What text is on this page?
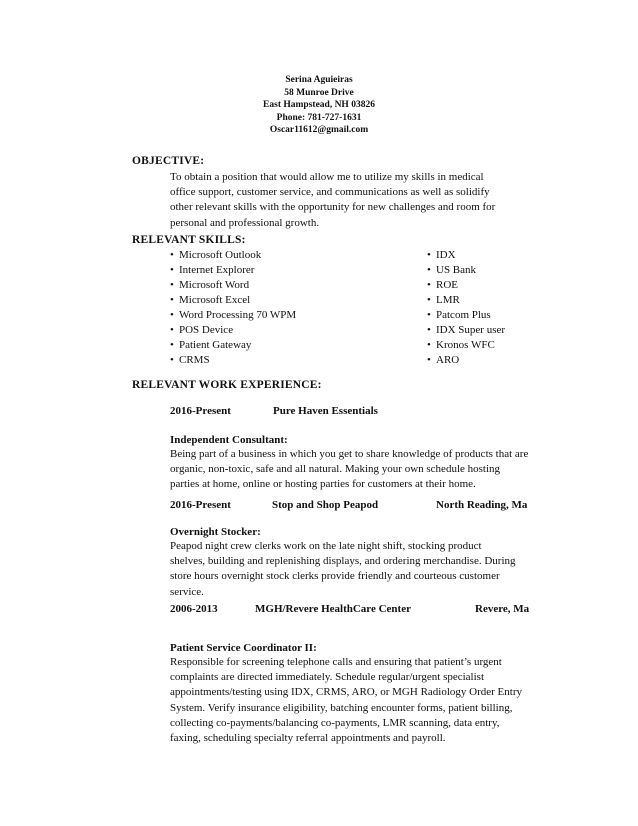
Serina Aguieiras
58 Munroe Drive
East Hampstead, NH 03826
Phone: 781-727-1631
Oscar11612@gmail.com
OBJECTIVE:
To obtain a position that would allow me to utilize my skills in medical
office support, customer service, and communications as well as solidify
other relevant skills with the opportunity for new challenges and room for
personal and professional growth.
RELEVANT SKILLS:
• Microsoft Outlook
• Internet Explorer
• Microsoft Word
• Microsoft Excel
• Word Processing 70 WPM
• POS Device
• Patient Gateway
• CRMS
• IDX
• US Bank
• ROE
• LMR
• Patcom Plus
• IDX Super user
• Kronos WFC
• ARO
RELEVANT WORK EXPERIENCE:
2016-Present	Pure Haven Essentials
Independent Consultant:
Being part of a business in which you get to share knowledge of products that are
organic, non-toxic, safe and all natural. Making your own schedule hosting
parties at home, online or hosting parties for customers at their home.
2016-Present	Stop and Shop Peapod	North Reading, Ma
Overnight Stocker:
Peapod night crew clerks work on the late night shift, stocking product
shelves, building and replenishing displays, and ordering merchandise. During
store hours overnight stock clerks provide friendly and courteous customer
service.
2006-2013	MGH/Revere HealthCare Center	Revere, Ma
Patient Service Coordinator II:
Responsible for screening telephone calls and ensuring that patient’s urgent
complaints are directed immediately. Schedule regular/urgent specialist
appointments/testing using IDX, CRMS, ARO, or MGH Radiology Order Entry
System. Verify insurance eligibility, batching encounter forms, patient billing,
collecting co-payments/balancing co-payments, LMR scanning, data entry,
faxing, scheduling specialty referral appointments and payroll.
